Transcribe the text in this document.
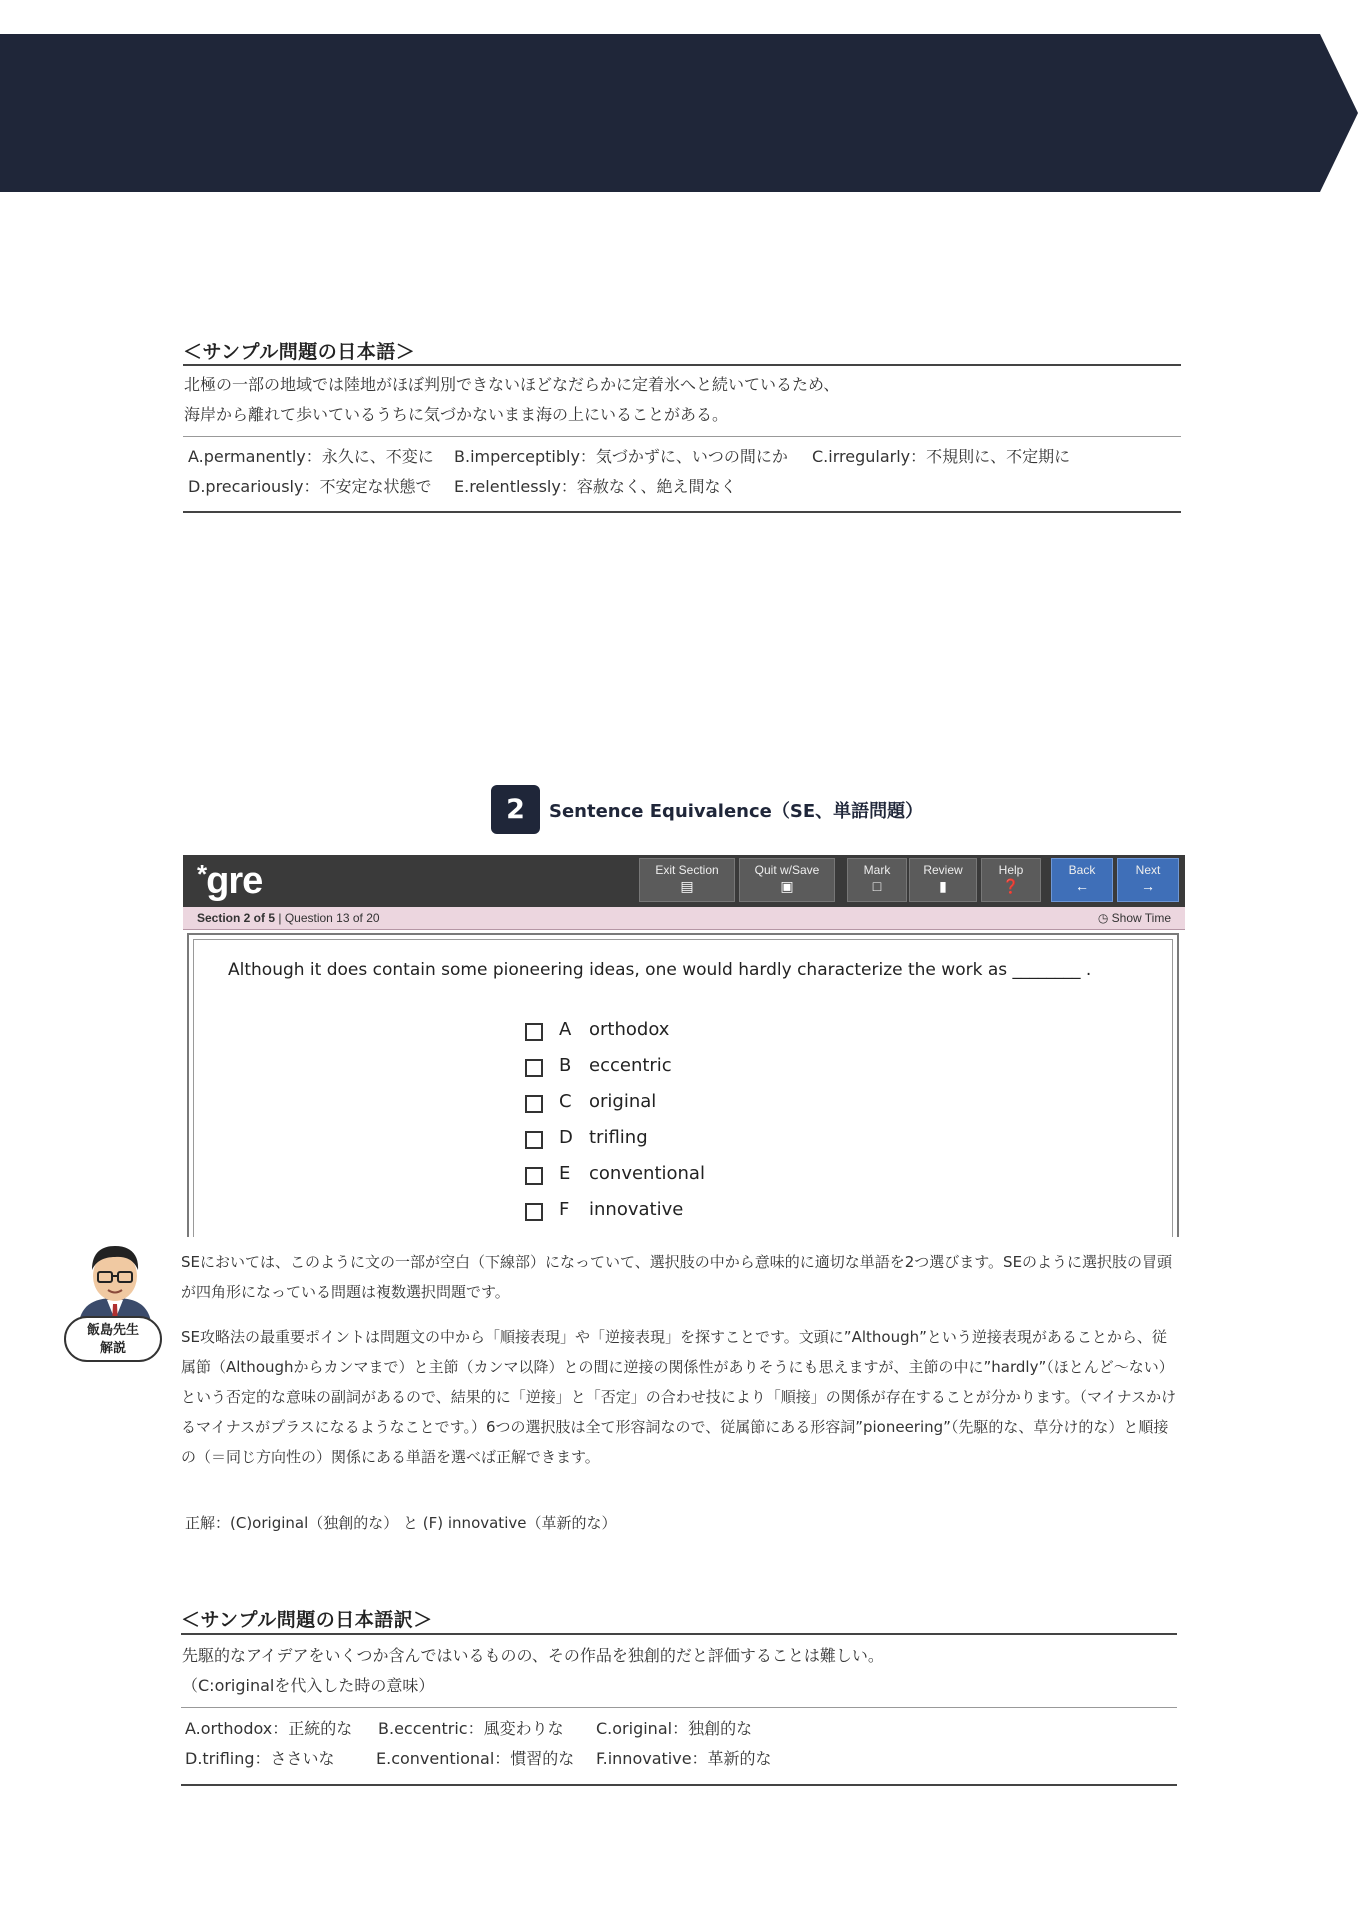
＜サンプル問題の日本語＞
北極の一部の地域では陸地がほぼ判別できないほどなだらかに定着氷へと続いているため、
海岸から離れて歩いているうちに気づかないまま海の上にいることがある。
A.permanently：永久に、不変に B.imperceptibly：気づかずに、いつの間にか C.irregularly：不規則に、不定期に
D.precariously：不安定な状態で E.relentlessly：容赦なく、絶え間なく
2	Sentence Equivalence（SE、単語問題）
*gre	Exit Section
▤
Quit w/Save
▣
Mark
□
Review
▮
Help
❓
Back
←
Next
→
Section 2 of 5 | Question 13 of 20	◷ Show Time
Although it does contain some pioneering ideas, one would hardly characterize the work as ________ .
A orthodox
B eccentric
C original
D trifling
E conventional
F innovative
飯島先生
解説
SEにおいては、このように文の一部が空白（下線部）になっていて、選択肢の中から意味的に適切な単語を2つ選びます。SEのように選択肢の冒頭が四角形になっている問題は複数選択問題です。
SE攻略法の最重要ポイントは問題文の中から「順接表現」や「逆接表現」を探すことです。文頭に”Although”という逆接表現があることから、従属節（Althoughからカンマまで）と主節（カンマ以降）との間に逆接の関係性がありそうにも思えますが、主節の中に”hardly”（ほとんど～ない）という否定的な意味の副詞があるので、結果的に「逆接」と「否定」の合わせ技により「順接」の関係が存在することが分かります。（マイナスかけるマイナスがプラスになるようなことです。）6つの選択肢は全て形容詞なので、従属節にある形容詞”pioneering”（先駆的な、草分け的な）と順接の（＝同じ方向性の）関係にある単語を選べば正解できます。
正解：(C)original（独創的な） と (F) innovative（革新的な）
＜サンプル問題の日本語訳＞
先駆的なアイデアをいくつか含んではいるものの、その作品を独創的だと評価することは難しい。
（C:originalを代入した時の意味）
A.orthodox：正統的な B.eccentric：風変わりな C.original：独創的な
D.trifling：ささいな	E.conventional：慣習的な F.innovative：革新的な
